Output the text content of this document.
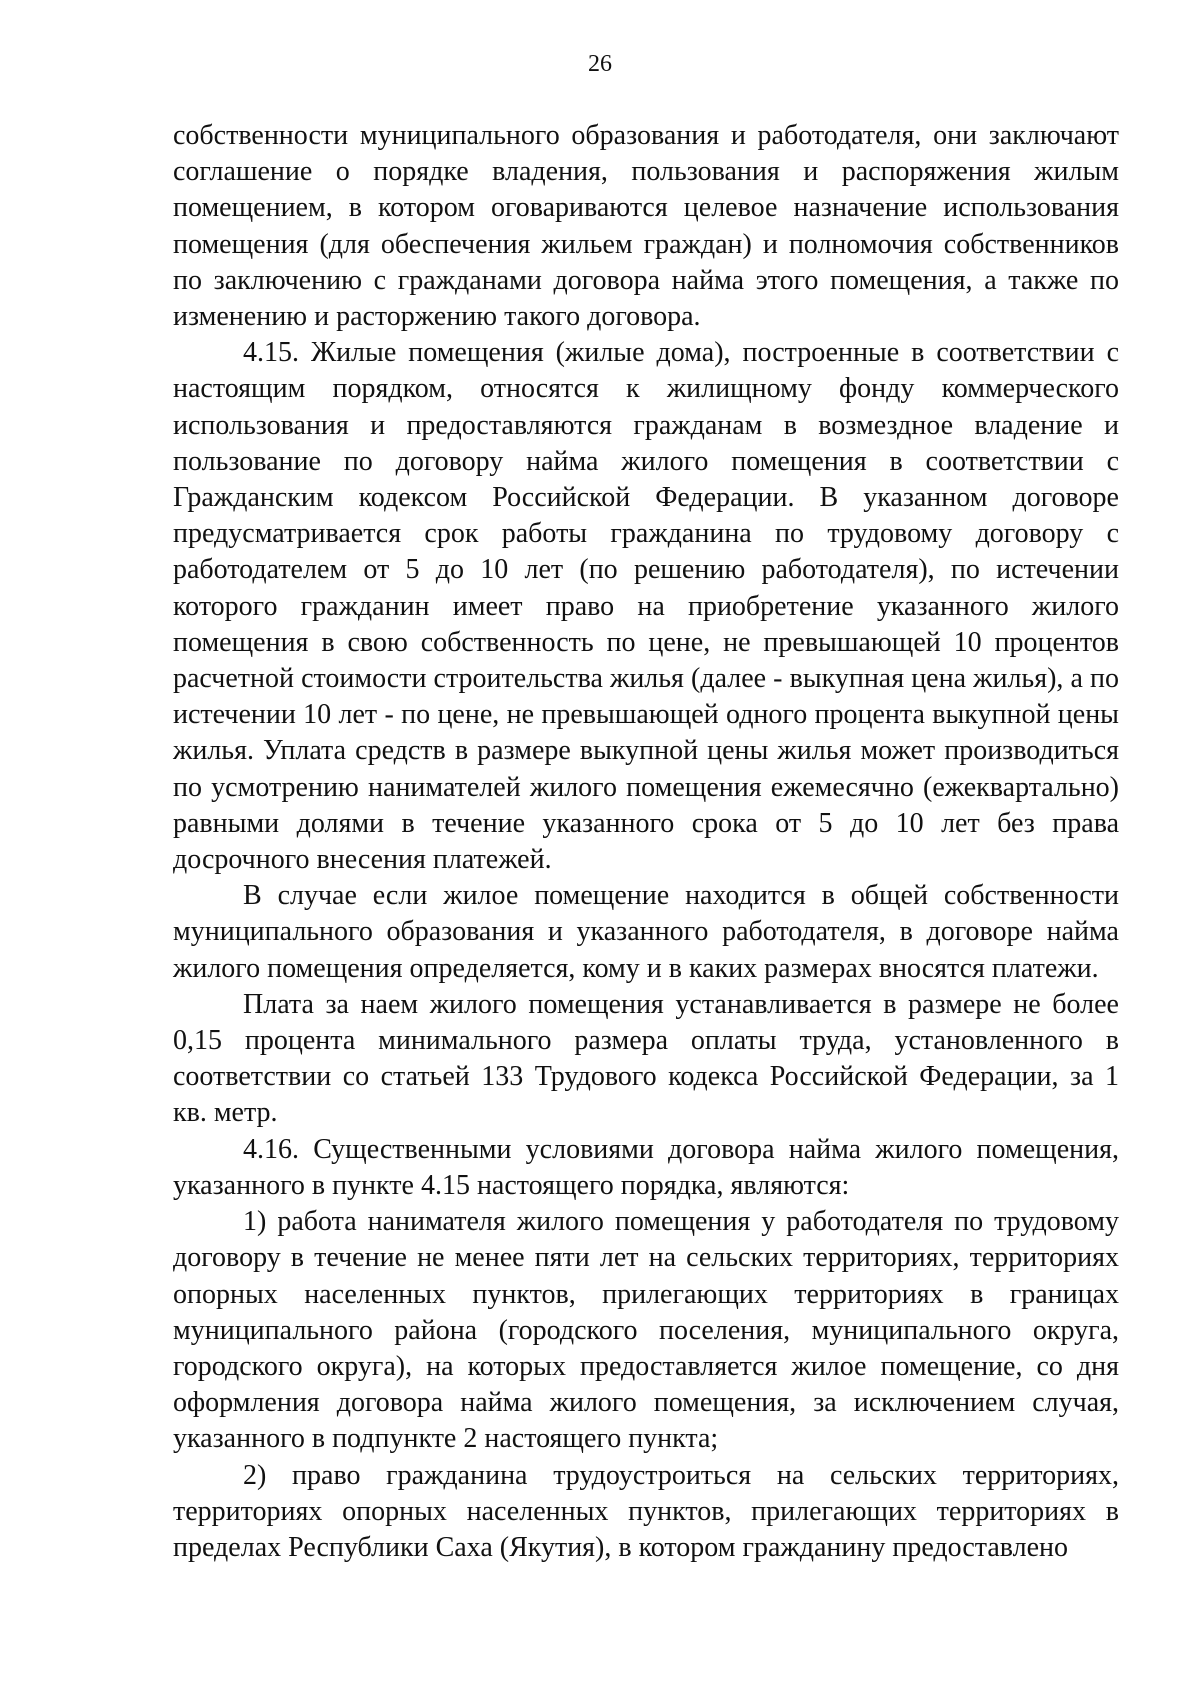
26

собственности муниципального образования и работодателя, они заключают соглашение о порядке владения, пользования и распоряжения жилым помещением, в котором оговариваются целевое назначение использования помещения (для обеспечения жильем граждан) и полномочия собственников по заключению с гражданами договора найма этого помещения, а также по изменению и расторжению такого договора.

4.15. Жилые помещения (жилые дома), построенные в соответствии с настоящим порядком, относятся к жилищному фонду коммерческого использования и предоставляются гражданам в возмездное владение и пользование по договору найма жилого помещения в соответствии с Гражданским кодексом Российской Федерации. В указанном договоре предусматривается срок работы гражданина по трудовому договору с работодателем от 5 до 10 лет (по решению работодателя), по истечении которого гражданин имеет право на приобретение указанного жилого помещения в свою собственность по цене, не превышающей 10 процентов расчетной стоимости строительства жилья (далее - выкупная цена жилья), а по истечении 10 лет - по цене, не превышающей одного процента выкупной цены жилья. Уплата средств в размере выкупной цены жилья может производиться по усмотрению нанимателей жилого помещения ежемесячно (ежеквартально) равными долями в течение указанного срока от 5 до 10 лет без права досрочного внесения платежей.

В случае если жилое помещение находится в общей собственности муниципального образования и указанного работодателя, в договоре найма жилого помещения определяется, кому и в каких размерах вносятся платежи.

Плата за наем жилого помещения устанавливается в размере не более 0,15 процента минимального размера оплаты труда, установленного в соответствии со статьей 133 Трудового кодекса Российской Федерации, за 1 кв. метр.

4.16. Существенными условиями договора найма жилого помещения, указанного в пункте 4.15 настоящего порядка, являются:

1) работа нанимателя жилого помещения у работодателя по трудовому договору в течение не менее пяти лет на сельских территориях, территориях опорных населенных пунктов, прилегающих территориях в границах муниципального района (городского поселения, муниципального округа, городского округа), на которых предоставляется жилое помещение, со дня оформления договора найма жилого помещения, за исключением случая, указанного в подпункте 2 настоящего пункта;

2) право гражданина трудоустроиться на сельских территориях, территориях опорных населенных пунктов, прилегающих территориях в пределах Республики Саха (Якутия), в котором гражданину предоставлено
